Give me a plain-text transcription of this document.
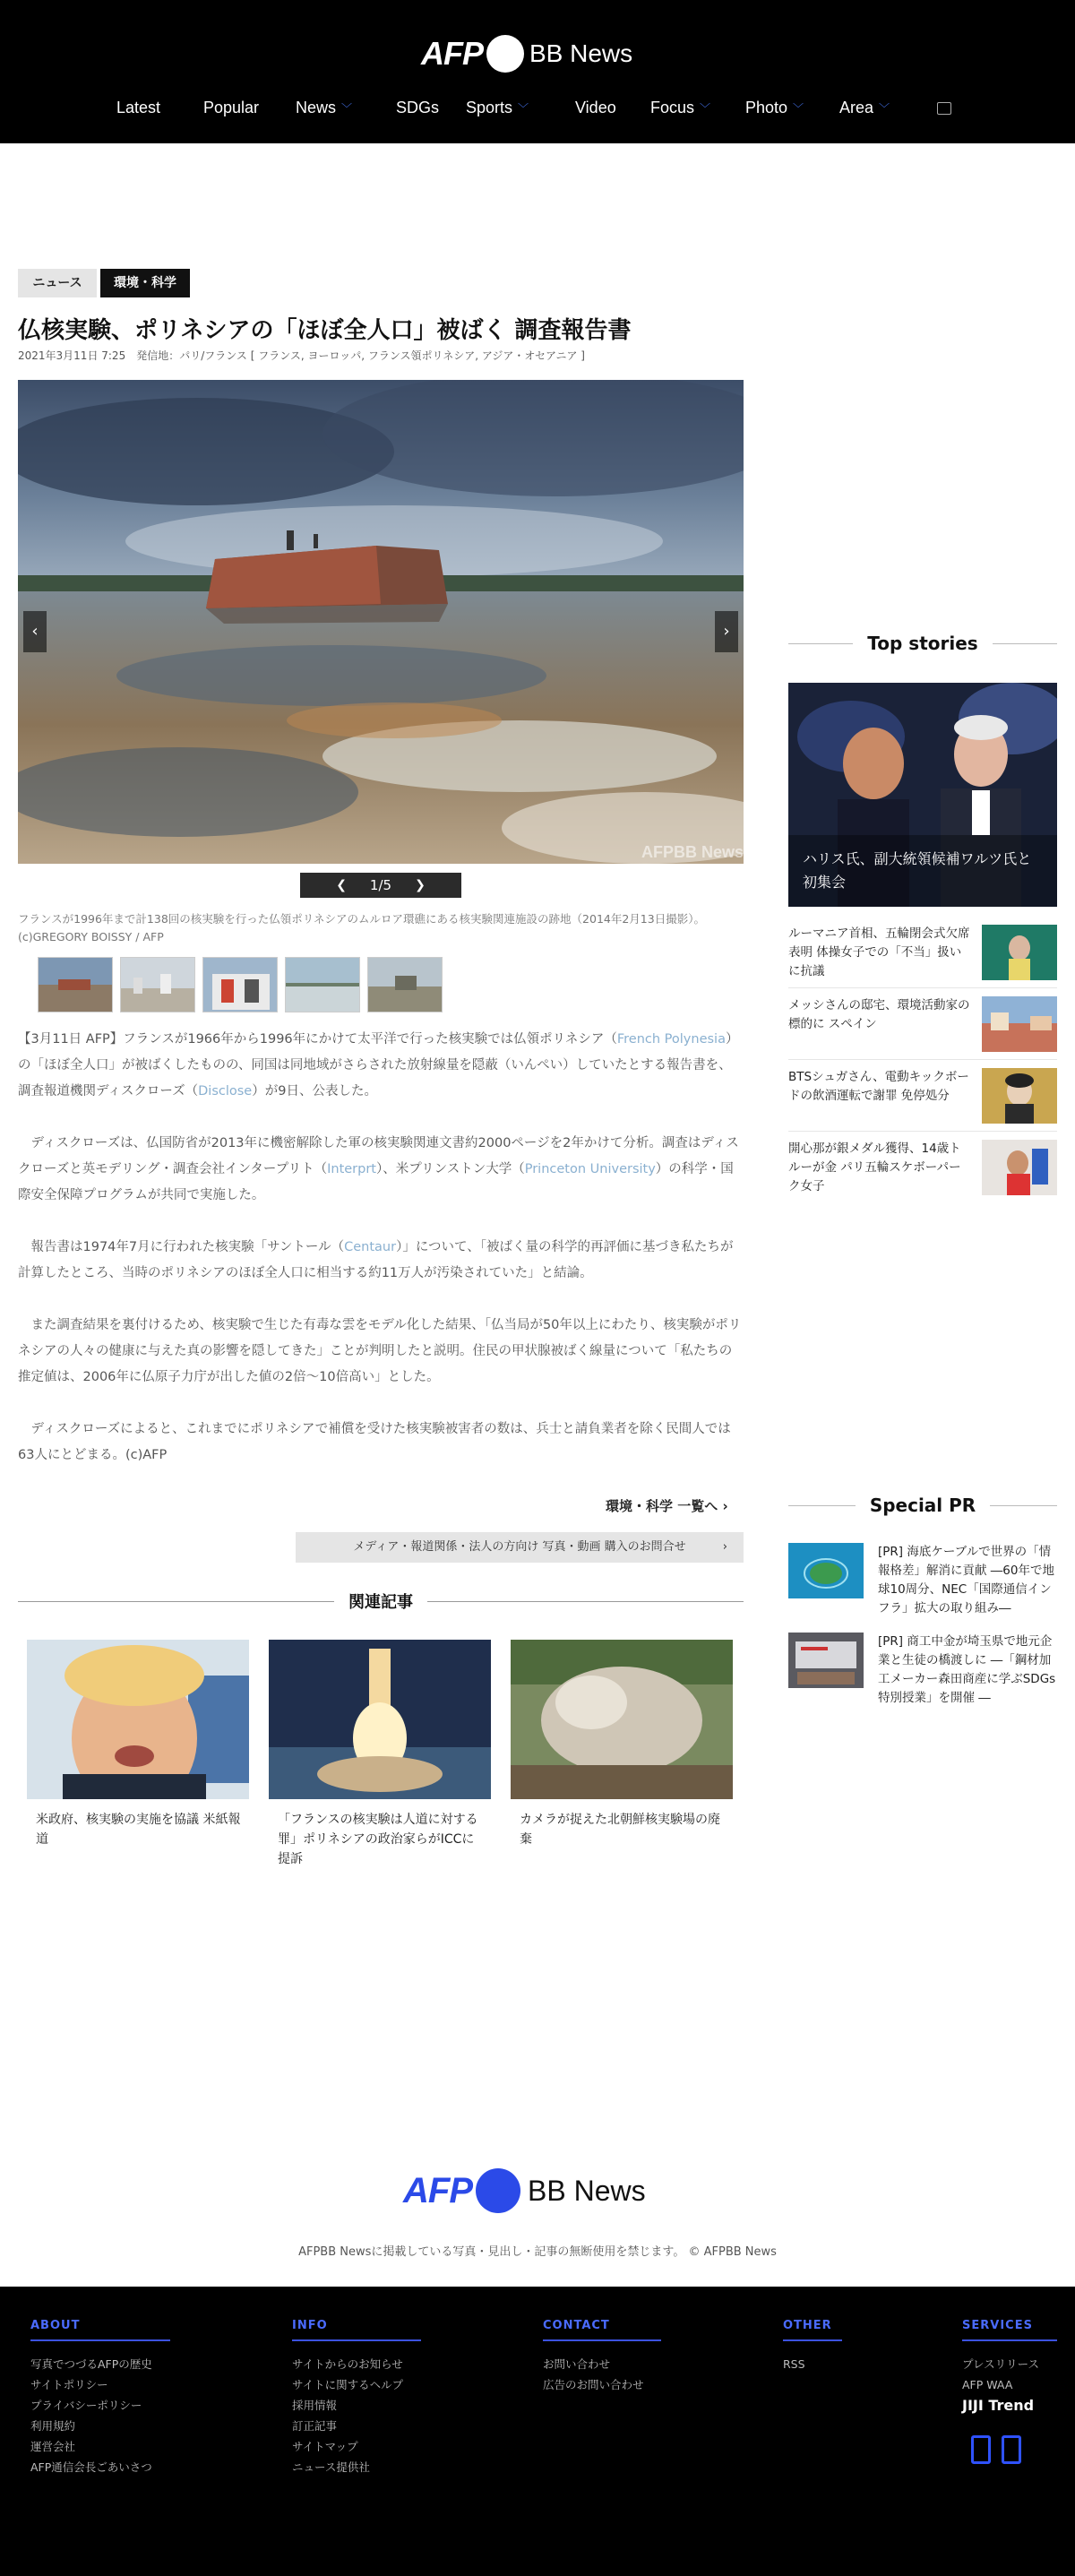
AFP BB News
Latest	Popular News ﹀	SDGs Sports ﹀	Video Focus ﹀ Photo ﹀ Area ﹀
ニュース	環境・科学
仏核実験、ポリネシアの「ほぼ全人口」被ばく 調査報告書
2021年3月11日 7:25　発信地：パリ/フランス [ フランス, ヨーロッパ, フランス領ポリネシア, アジア・オセアニア ]
‹	›
AFPBB News
❮ 1/5 ❯
フランスが1996年まで計138回の核実験を行った仏領ポリネシアのムルロア環礁にある核実験関連施設の跡地（2014年2月13日撮影）。(c)GREGORY BOISSY / AFP

【3月11日 AFP】フランスが1966年から1996年にかけて太平洋で行った核実験では仏領ポリネシア（French Polynesia）の「ほぼ全人口」が被ばくしたものの、同国は同地域がさらされた放射線量を隠蔽（いんぺい）していたとする報告書を、調査報道機関ディスクローズ（Disclose）が9日、公表した。

　ディスクローズは、仏国防省が2013年に機密解除した軍の核実験関連文書約2000ページを2年かけて分析。調査はディスクローズと英モデリング・調査会社インタープリト（Interprt）、米プリンストン大学（Princeton University）の科学・国際安全保障プログラムが共同で実施した。

　報告書は1974年7月に行われた核実験「サントール（Centaur）」について、「被ばく量の科学的再評価に基づき私たちが計算したところ、当時のポリネシアのほぼ全人口に相当する約11万人が汚染されていた」と結論。

　また調査結果を裏付けるため、核実験で生じた有毒な雲をモデル化した結果、「仏当局が50年以上にわたり、核実験がポリネシアの人々の健康に与えた真の影響を隠してきた」ことが判明したと説明。住民の甲状腺被ばく線量について「私たちの推定値は、2006年に仏原子力庁が出した値の2倍～10倍高い」とした。

　ディスクローズによると、これまでにポリネシアで補償を受けた核実験被害者の数は、兵士と請負業者を除く民間人では63人にとどまる。(c)AFP

環境・科学 一覧へ ›
メディア・報道関係・法人の方向け 写真・動画 購入のお問合せ	›
関連記事
米政府、核実験の実施を協議 米紙報道
「フランスの核実験は人道に対する罪」ポリネシアの政治家らがICCに提訴
カメラが捉えた北朝鮮核実験場の廃棄
Top stories
ハリス氏、副大統領候補ワルツ氏と初集会
ルーマニア首相、五輪閉会式欠席表明 体操女子での「不当」扱いに抗議
メッシさんの邸宅、環境活動家の標的に スペイン
BTSシュガさん、電動キックボードの飲酒運転で謝罪 免停処分
開心那が銀メダル獲得、14歳トルーが金 パリ五輪スケボーパーク女子
Special PR
[PR] 海底ケーブルで世界の「情報格差」解消に貢献 ―60年で地球10周分、NEC「国際通信インフラ」拡大の取り組み―
[PR] 商工中金が埼玉県で地元企業と生徒の橋渡しに ―「鋼材加工メーカー森田商産に学ぶSDGs特別授業」を開催 ―
AFP BB News
AFPBB Newsに掲載している写真・見出し・記事の無断使用を禁じます。 © AFPBB News
ABOUT
写真でつづるAFPの歴史
サイトポリシー
プライバシーポリシー
利用規約
運営会社
AFP通信会長ごあいさつ
INFO
サイトからのお知らせ
サイトに関するヘルプ
採用情報
訂正記事
サイトマップ
ニュース提供社
CONTACT
お問い合わせ
広告のお問い合わせ
OTHER
RSS
SERVICES
プレスリリース
AFP WAA
JIJI Trend
